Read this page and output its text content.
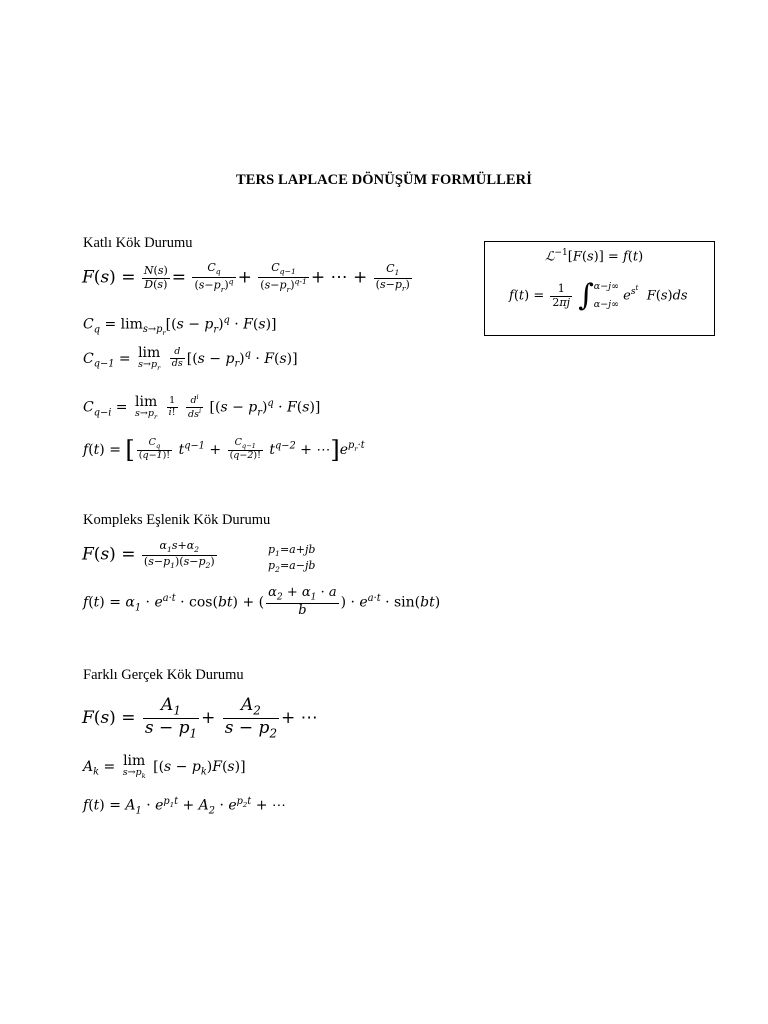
TERS LAPLACE DÖNÜŞÜM FORMÜLLERİ
Katlı Kök Durumu
$F(s) = \frac{N(s)}{D(s)} = \frac{C_q}{(s-p_r)^q} + \frac{C_{q-1}}{(s-p_r)^{q-1}}$ + ⋯ + $\frac{C_1}{(s-p_r)}$
$C_q = \lim_{s\to p_r}[(s - p_r)^q \cdot F(s)]$
$C_{q-1} = \lim$
$s\to p_r$
$\frac{d}{ds} [(s - p_r)^q \cdot F(s)]$
$C_{q-i} = \lim$
$s\to p_r$
$\frac{1}{i!}$
$\frac{d^i}{ds^i} [(s - p_r)^q \cdot F(s)]$
f(t) = [ $\frac{C_q}{(q-1)!} t^{q-1} + \frac{C_{q-1}}{(q-2)!} t^{q-2}$ + $\cdots]e^{p_r\cdot t}$
ℒ$^{-1}$[F(s)] = f(t)
$f(t) = \frac{1}{2\pi j}$ ∫ α−j∞
α−j∞
$e^{s^t}$  F(s)ds
Kompleks Eşlenik Kök Durumu
$F(s) = \frac{\alpha_1s+\alpha_2}{(s-p_1)(s-p_2)}$	$p_1=a+jb$
$p_2=a-jb$
$f(t) = \alpha_1 \cdot e^{a\cdot t} \cdot \cos(bt)$ + ( $\frac{\alpha_2 + \alpha_1 \cdot a}{b}$ ) · $e^{a\cdot t} \cdot \sin(bt)$
Farklı Gerçek Kök Durumu
$F(s) = \frac{A_1}{s - p_1} + \frac{A_2}{s - p_2}$ + ⋯
$A_k = \lim$
$s\to p_k$
$[(s - p_k)F(s)]$
$f(t) = A_1 \cdot e^{p_1t} + A_2 \cdot e^{p_2t}$ + ⋯
